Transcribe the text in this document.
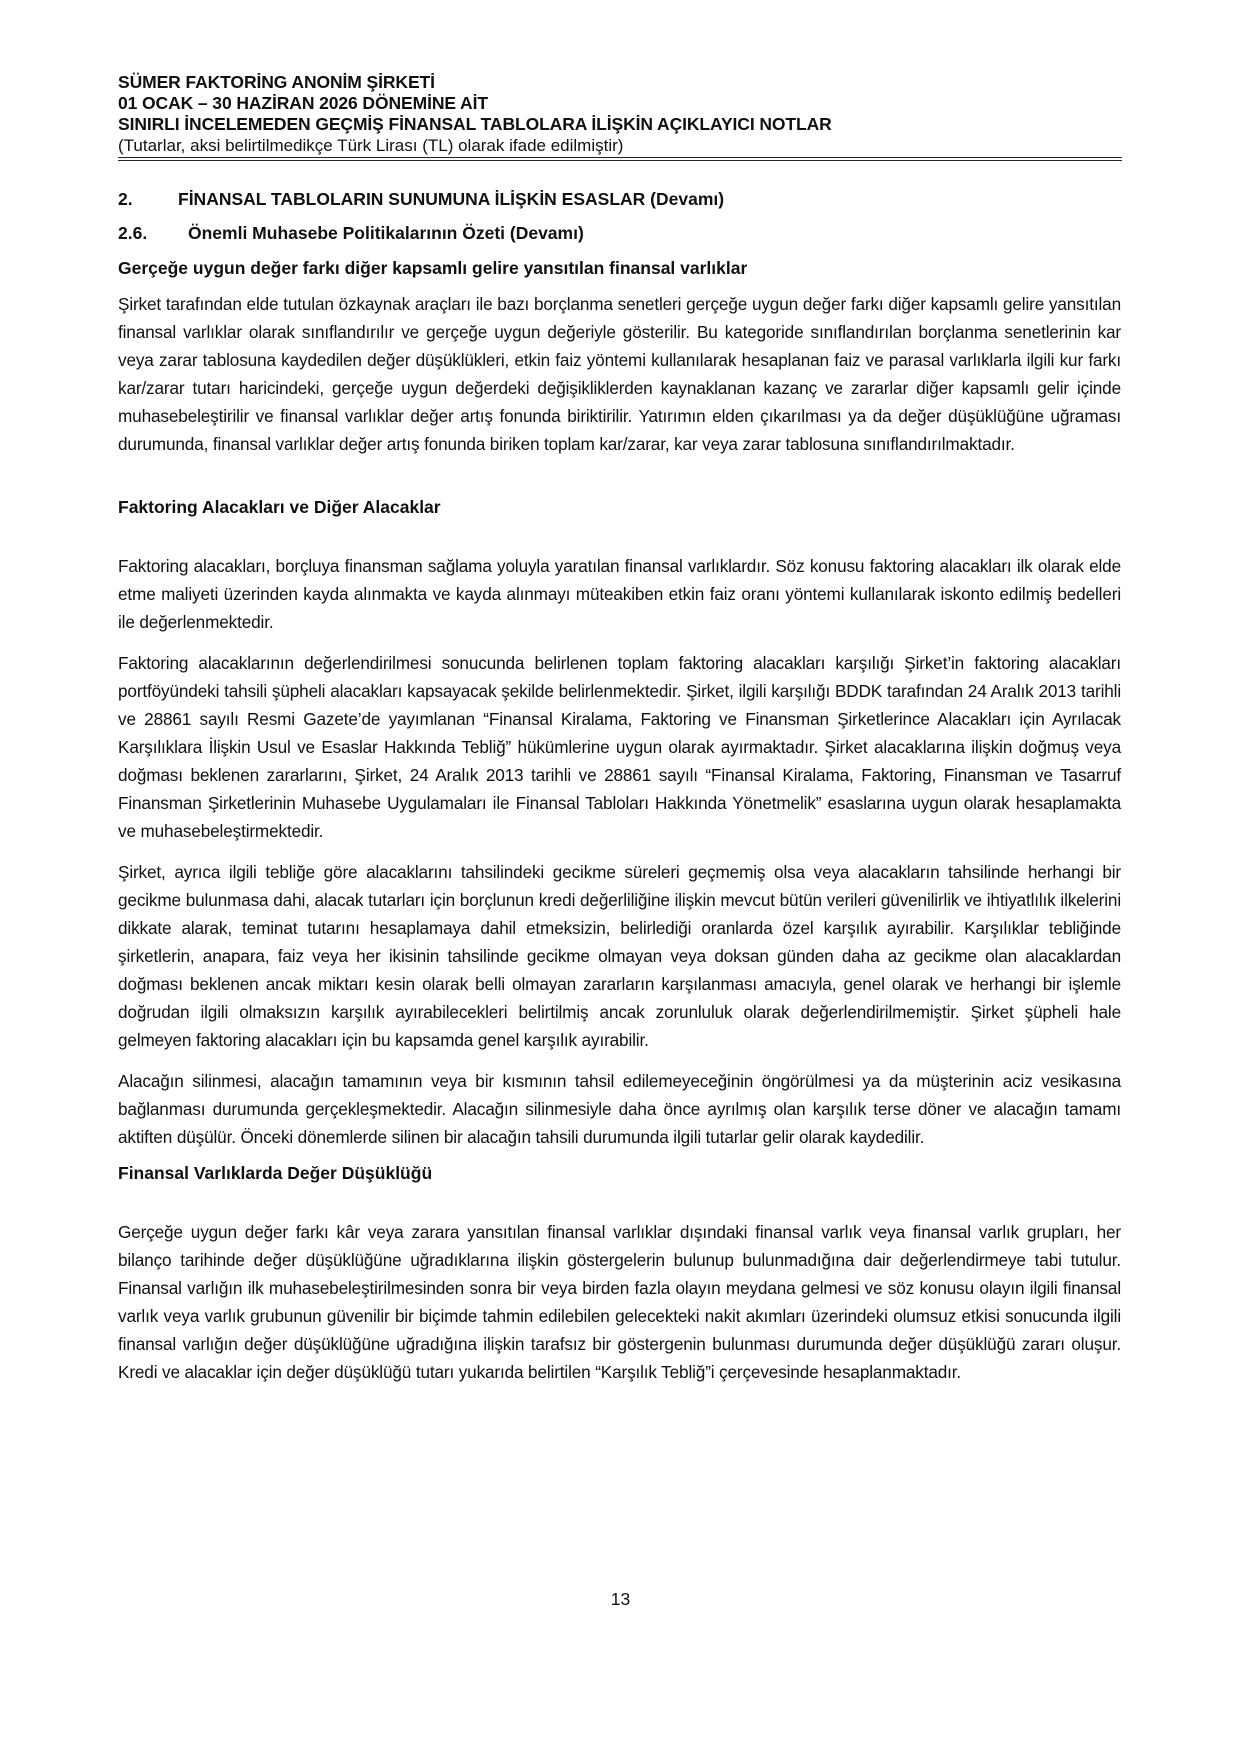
SÜMER FAKTORİNG ANONİM ŞİRKETİ
01 OCAK – 30 HAZİRAN 2026 DÖNEMİNE AİT
SINIRLI İNCELEMEDEN GEÇMİŞ FİNANSAL TABLOLARA İLİŞKİN AÇIKLAYICI NOTLAR
(Tutarlar, aksi belirtilmedikçe Türk Lirası (TL) olarak ifade edilmiştir)
2.	FİNANSAL TABLOLARIN SUNUMUNA İLİŞKİN ESASLAR (Devamı)
2.6. Önemli Muhasebe Politikalarının Özeti (Devamı)
Gerçeğe uygun değer farkı diğer kapsamlı gelire yansıtılan finansal varlıklar

Şirket tarafından elde tutulan özkaynak araçları ile bazı borçlanma senetleri gerçeğe uygun değer farkı diğer kapsamlı gelire yansıtılan finansal varlıklar olarak sınıflandırılır ve gerçeğe uygun değeriyle gösterilir. Bu kategoride sınıflandırılan borçlanma senetlerinin kar veya zarar tablosuna kaydedilen değer düşüklükleri, etkin faiz yöntemi kullanılarak hesaplanan faiz ve parasal varlıklarla ilgili kur farkı kar/zarar tutarı haricindeki, gerçeğe uygun değerdeki değişikliklerden kaynaklanan kazanç ve zararlar diğer kapsamlı gelir içinde muhasebeleştirilir ve finansal varlıklar değer artış fonunda biriktirilir. Yatırımın elden çıkarılması ya da değer düşüklüğüne uğraması durumunda, finansal varlıklar değer artış fonunda biriken toplam kar/zarar, kar veya zarar tablosuna sınıflandırılmaktadır.

Faktoring Alacakları ve Diğer Alacaklar

Faktoring alacakları, borçluya finansman sağlama yoluyla yaratılan finansal varlıklardır. Söz konusu faktoring alacakları ilk olarak elde etme maliyeti üzerinden kayda alınmakta ve kayda alınmayı müteakiben etkin faiz oranı yöntemi kullanılarak iskonto edilmiş bedelleri ile değerlenmektedir.

Faktoring alacaklarının değerlendirilmesi sonucunda belirlenen toplam faktoring alacakları karşılığı Şirket’in faktoring alacakları portföyündeki tahsili şüpheli alacakları kapsayacak şekilde belirlenmektedir. Şirket, ilgili karşılığı BDDK tarafından 24 Aralık 2013 tarihli ve 28861 sayılı Resmi Gazete’de yayımlanan “Finansal Kiralama, Faktoring ve Finansman Şirketlerince Alacakları için Ayrılacak Karşılıklara İlişkin Usul ve Esaslar Hakkında Tebliğ” hükümlerine uygun olarak ayırmaktadır. Şirket alacaklarına ilişkin doğmuş veya doğması beklenen zararlarını, Şirket, 24 Aralık 2013 tarihli ve 28861 sayılı “Finansal Kiralama, Faktoring, Finansman ve Tasarruf Finansman Şirketlerinin Muhasebe Uygulamaları ile Finansal Tabloları Hakkında Yönetmelik” esaslarına uygun olarak hesaplamakta ve muhasebeleştirmektedir.

Şirket, ayrıca ilgili tebliğe göre alacaklarını tahsilindeki gecikme süreleri geçmemiş olsa veya alacakların tahsilinde herhangi bir gecikme bulunmasa dahi, alacak tutarları için borçlunun kredi değerliliğine ilişkin mevcut bütün verileri güvenilirlik ve ihtiyatlılık ilkelerini dikkate alarak, teminat tutarını hesaplamaya dahil etmeksizin, belirlediği oranlarda özel karşılık ayırabilir. Karşılıklar tebliğinde şirketlerin, anapara, faiz veya her ikisinin tahsilinde gecikme olmayan veya doksan günden daha az gecikme olan alacaklardan doğması beklenen ancak miktarı kesin olarak belli olmayan zararların karşılanması amacıyla, genel olarak ve herhangi bir işlemle doğrudan ilgili olmaksızın karşılık ayırabilecekleri belirtilmiş ancak zorunluluk olarak değerlendirilmemiştir. Şirket şüpheli hale gelmeyen faktoring alacakları için bu kapsamda genel karşılık ayırabilir.

Alacağın silinmesi, alacağın tamamının veya bir kısmının tahsil edilemeyeceğinin öngörülmesi ya da müşterinin aciz vesikasına bağlanması durumunda gerçekleşmektedir. Alacağın silinmesiyle daha önce ayrılmış olan karşılık terse döner ve alacağın tamamı aktiften düşülür. Önceki dönemlerde silinen bir alacağın tahsili durumunda ilgili tutarlar gelir olarak kaydedilir.

Finansal Varlıklarda Değer Düşüklüğü

Gerçeğe uygun değer farkı kâr veya zarara yansıtılan finansal varlıklar dışındaki finansal varlık veya finansal varlık grupları, her bilanço tarihinde değer düşüklüğüne uğradıklarına ilişkin göstergelerin bulunup bulunmadığına dair değerlendirmeye tabi tutulur. Finansal varlığın ilk muhasebeleştirilmesinden sonra bir veya birden fazla olayın meydana gelmesi ve söz konusu olayın ilgili finansal varlık veya varlık grubunun güvenilir bir biçimde tahmin edilebilen gelecekteki nakit akımları üzerindeki olumsuz etkisi sonucunda ilgili finansal varlığın değer düşüklüğüne uğradığına ilişkin tarafsız bir göstergenin bulunması durumunda değer düşüklüğü zararı oluşur. Kredi ve alacaklar için değer düşüklüğü tutarı yukarıda belirtilen “Karşılık Tebliğ”i çerçevesinde hesaplanmaktadır.

13
